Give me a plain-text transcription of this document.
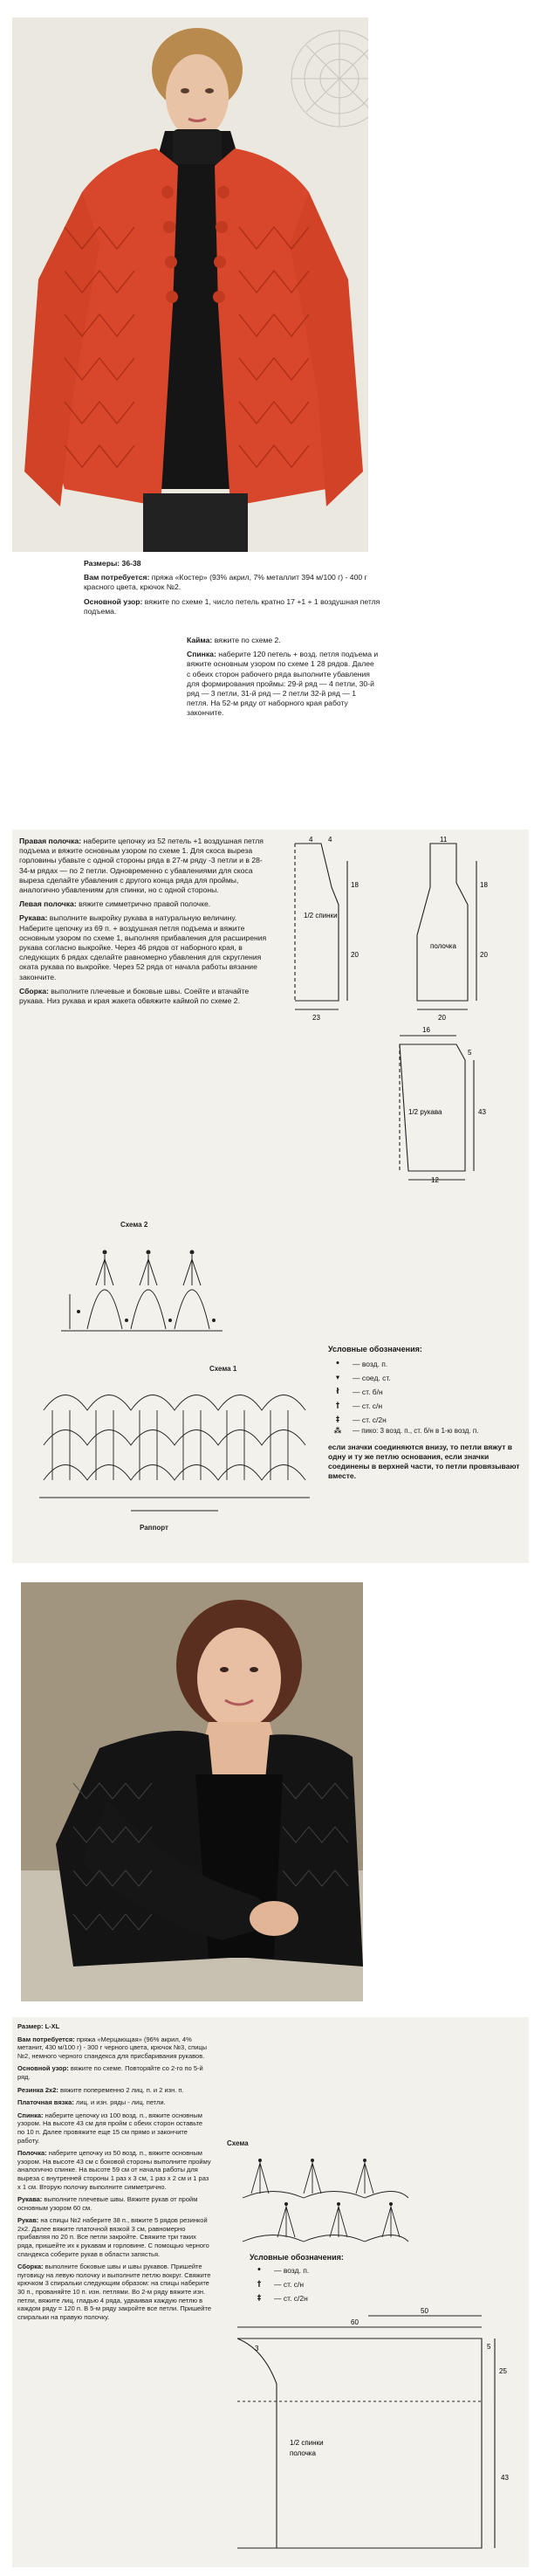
Размеры: 36-38
Вам потребуется: пряжа «Костер» (93% акрил, 7% металлит 394 м/100 г) - 400 г красного цвета, крючок №2.
Основной узор: вяжите по схеме 1, число петель кратно 17 +1 + 1 воздушная петля подъема.
Кайма: вяжите по схеме 2.
Спинка: наберите 120 петель + возд. петля подъема и вяжите основным узором по схеме 1 28 рядов. Далее с обеих сторон рабочего ряда выполните убавления для формирования проймы: 29-й ряд — 4 петли, 30-й ряд — 3 петли, 31-й ряд — 2 петли 32-й ряд — 1 петля. На 52-м ряду от наборного края работу закончите.
Правая полочка: наберите цепочку из 52 петель +1 воздушная петля подъема и вяжите основным узором по схеме 1. Для скоса выреза горловины убавьте с одной стороны ряда в 27-м ряду -3 петли и в 28-34-м рядах — по 2 петли. Одновременно с убавлениями для скоса выреза сделайте убавления с другого конца ряда для проймы, аналогично убавлениям для спинки, но с одной стороны.
Левая полочка: вяжите симметрично правой полочке.
Рукава: выполните выкройку рукава в натуральную величину. Наберите цепочку из 69 п. + воздушная петля подъема и вяжите основным узором по схеме 1, выполняя прибавления для расширения рукава согласно выкройке. Через 46 рядов от наборного края, в следующих 6 рядах сделайте равномерно убавления для скругления оката рукава по выкройке. Через 52 ряда от начала работы вязание закончите.
Сборка: выполните плечевые и боковые швы. Соейте и втачайте рукава. Низ рукава и края жакета обвяжите каймой по схеме 2.
1/2 спинки
полочка
1/2 рукава
4 4
18
20
23
11
18
20
20
16
5
43
12
Схема 2
Схема 1
Раппорт
Условные обозначения:
•	— возд. п.
▾	— соед. ст.
ł	— ст. б/н
†	— ст. с/н
‡	— ст. с/2н
⁂	— пико: 3 возд. п., ст. б/н в 1-ю возд. п.
если значки соединяются внизу, то петли вяжут в одну и ту же петлю основания, если значки соединены в верхней части, то петли провязывают вместе.
Размер: L-XL
Вам потребуется: пряжа «Мерцающая» (96% акрил, 4% метанит, 430 м/100 г) - 300 г черного цвета, крючок №3, спицы №2, немного черного спандекса для присбаривания рукавов.
Основной узор: вяжите по схеме. Повторяйте со 2-го по 5-й ряд.
Резинка 2х2: вяжите попеременно 2 лиц. п. и 2 изн. п.
Платочная вязка: лиц. и изн. ряды - лиц. петли.
Спинка: наберите цепочку из 100 возд. п., вяжите основным узором. На высоте 43 см для пройм с обеих сторон оставьте по 10 п. Далее провяжите еще 15 см прямо и закончите работу.
Полочка: наберите цепочку из 50 возд. п., вяжите основным узором. На высоте 43 см с боковой стороны выполните пройму аналогично спинке. На высоте 59 см от начала работы для выреза с внутренней стороны 1 раз x 3 см, 1 раз x 2 см и 1 раз x 1 см. Вторую полочку выполните симметрично.
Рукава: выполните плечевые швы. Вяжите рукав от пройм основным узором 60 см.
Рукав: на спицы №2 наберите 38 п., вяжите 5 рядов резинкой 2х2. Далее вяжите платочной вязкой 3 см, равномерно прибавляя по 20 п. Все петли закройте. Свяжите три таких ряда, пришейте их к рукавам и горловине. С помощью черного спандекса соберите рукав в области запястья.
Сборка: выполните боковые швы и швы рукавов. Пришейте пуговицу на левую полочку и выполните петлю вокруг. Свяжите крючком 3 спиральки следующим образом: на спицы наберите 30 п., прованяйте 10 п. изн. петлями. Во 2-м ряду вяжите изн. петли, вяжите лиц. гладью 4 ряда, удваивая каждую петлю в каждом ряду = 120 п. В 5-м ряду закройте все петли. Пришейте спиральки на правую полочку.
Схема
Условные обозначения:
•	— возд. п.
†	— ст. с/н
‡	— ст. с/2н
60
50
25
5
43
3
1/2 спинки
полочка
